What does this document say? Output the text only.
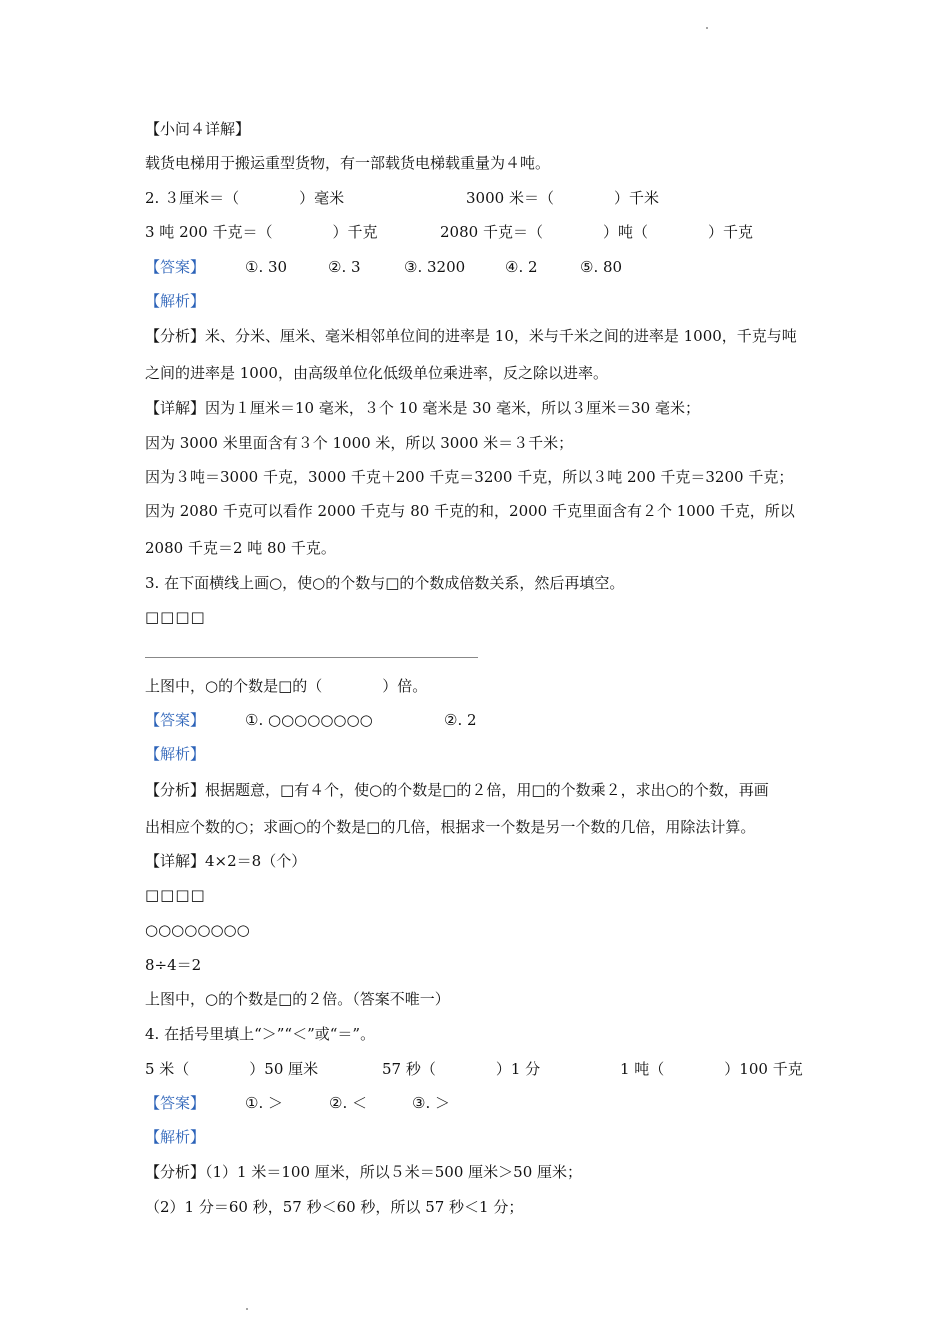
【小问４详解】
载货电梯用于搬运重型货物，有一部载货电梯载重量为４吨。
2. ３厘米＝（　　　　）毫米	3000 米＝（　　　　）千米
3 吨 200 千克＝（　　　　）千克	2080 千克＝（　　　　）吨（　　　　）千克
【答案】	①. 30	②. 3	③. 3200	④. 2	⑤. 80
【解析】
【分析】米、分米、厘米、毫米相邻单位间的进率是 10，米与千米之间的进率是 1000，千克与吨
之间的进率是 1000，由高级单位化低级单位乘进率，反之除以进率。
【详解】因为１厘米＝10 毫米，３个 10 毫米是 30 毫米，所以３厘米＝30 毫米；
因为 3000 米里面含有３个 1000 米，所以 3000 米＝３千米；
因为３吨＝3000 千克，3000 千克＋200 千克＝3200 千克，所以３吨 200 千克＝3200 千克；
因为 2080 千克可以看作 2000 千克与 80 千克的和，2000 千克里面含有２个 1000 千克，所以
2080 千克＝2 吨 80 千克。
3. 在下面横线上画○，使○的个数与□的个数成倍数关系，然后再填空。
□□□□
上图中，○的个数是□的（　　　　）倍。
【答案】	①. ○○○○○○○○	②. 2
【解析】
【分析】根据题意，□有４个，使○的个数是□的２倍，用□的个数乘２，求出○的个数，再画
出相应个数的○；求画○的个数是□的几倍，根据求一个数是另一个数的几倍，用除法计算。
【详解】4×2＝8（个）
□□□□
○○○○○○○○
8÷4＝2
上图中，○的个数是□的２倍。（答案不唯一）
4. 在括号里填上“＞”“＜”或“＝”。
5 米（　　　　）50 厘米	57 秒（　　　　）1 分	1 吨（　　　　）100 千克
【答案】	①. ＞	②. ＜	③. ＞
【解析】
【分析】（1）1 米＝100 厘米，所以５米＝500 厘米＞50 厘米；
（2）1 分＝60 秒，57 秒＜60 秒，所以 57 秒＜1 分；
